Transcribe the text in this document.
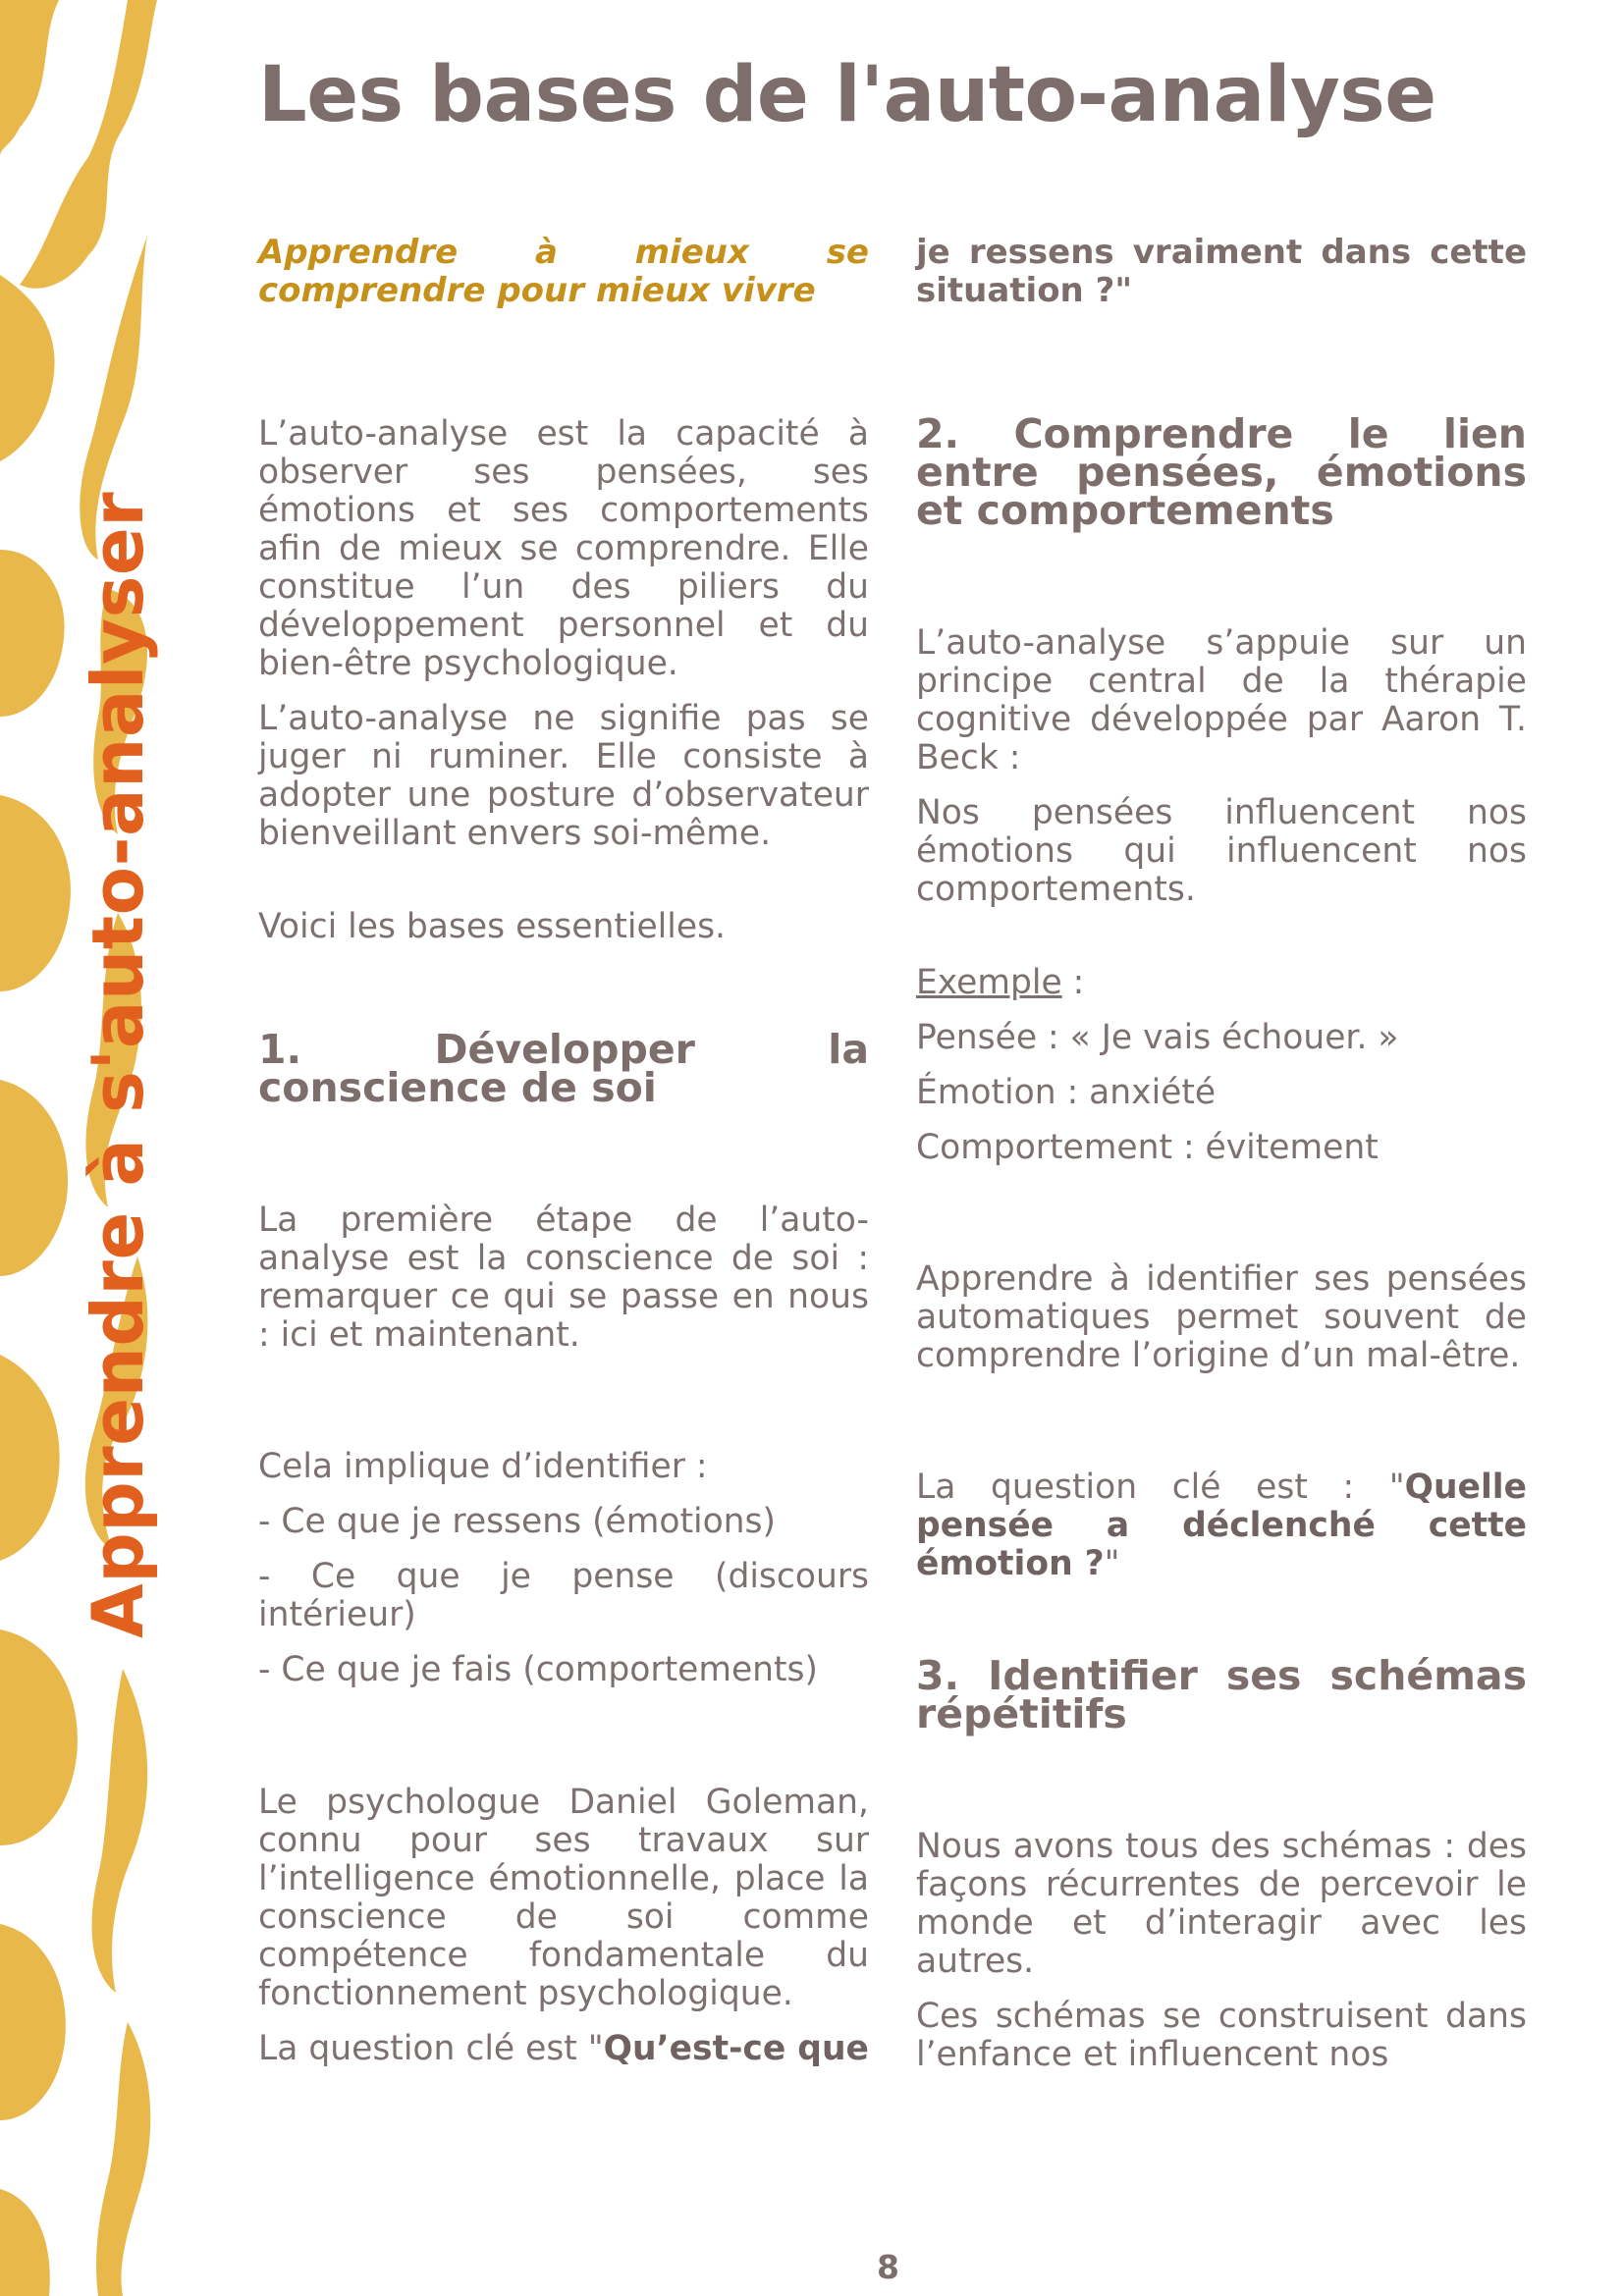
Apprendre à s'auto-analyser
Les bases de l'auto-analyse

Apprendre à mieux se comprendre pour mieux vivre

L’auto-analyse est la capacité à observer ses pensées, ses émotions et ses comportements afin de mieux se comprendre. Elle constitue l’un des piliers du développement personnel et du bien-être psychologique.

L’auto-analyse ne signifie pas se juger ni ruminer. Elle consiste à adopter une posture d’observateur bienveillant envers soi-même.

Voici les bases essentielles.

1. Développer la conscience de soi

La première étape de l’auto-analyse est la conscience de soi : remarquer ce qui se passe en nous : ici et maintenant.

Cela implique d’identifier :

- Ce que je ressens (émotions)

- Ce que je pense (discours intérieur)

- Ce que je fais (comportements)

Le psychologue Daniel Goleman, connu pour ses travaux sur l’intelligence émotionnelle, place la conscience de soi comme compétence fondamentale du fonctionnement psychologique.

La question clé est "Qu’est-ce que

je ressens vraiment dans cette situation ?"

2. Comprendre le lien entre pensées, émotions et comportements

L’auto-analyse s’appuie sur un principe central de la thérapie cognitive développée par Aaron T. Beck :

Nos pensées influencent nos émotions qui influencent nos comportements.

Exemple :

Pensée : « Je vais échouer. »

Émotion : anxiété

Comportement : évitement

Apprendre à identifier ses pensées automatiques permet souvent de comprendre l’origine d’un mal-être.

La question clé est : "Quelle pensée a déclenché cette émotion ?"

3. Identifier ses schémas répétitifs

Nous avons tous des schémas : des façons récurrentes de percevoir le monde et d’interagir avec les autres.

Ces schémas se construisent dans l’enfance et influencent nos

8
